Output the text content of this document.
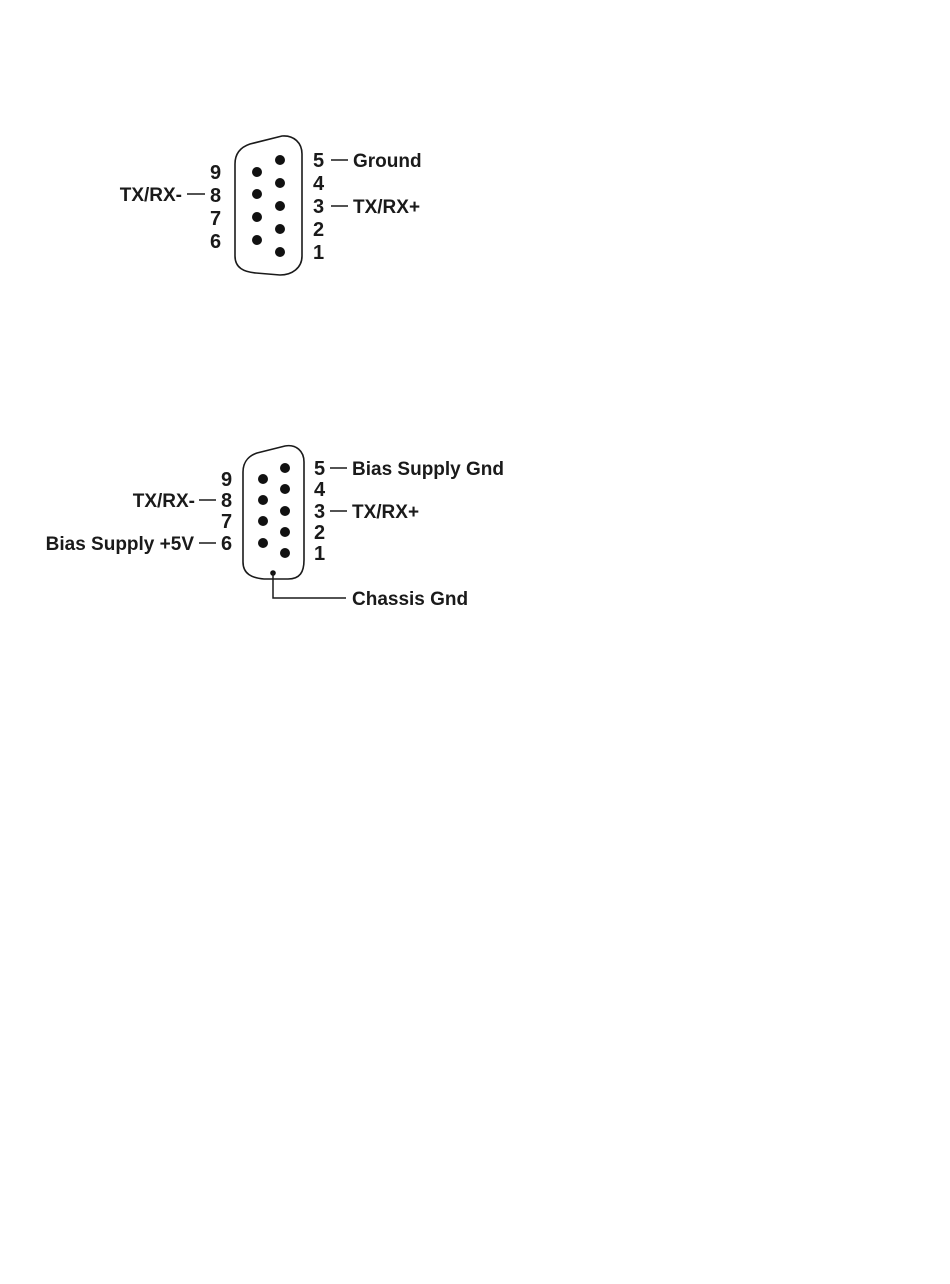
9
8
7
6
5
4
3
2
1
Ground
TX/RX+
TX/RX-
9
8
7
6
5
4
3
2
1
Bias Supply Gnd
TX/RX+
TX/RX-
Bias Supply +5V
Chassis Gnd
